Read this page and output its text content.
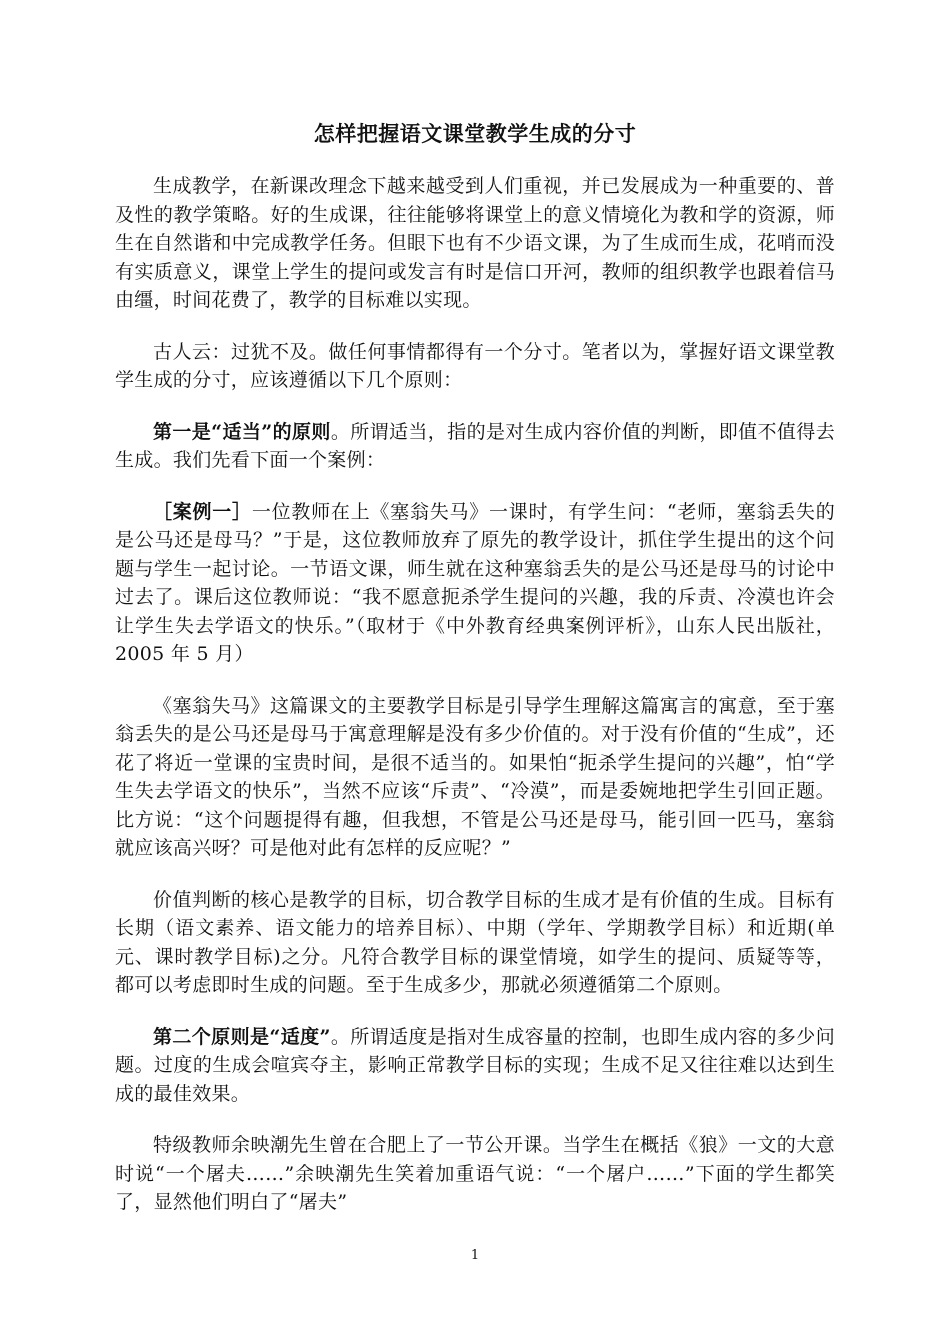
怎样把握语文课堂教学生成的分寸

生成教学，在新课改理念下越来越受到人们重视，并已发展成为一种重要的、普及性的教学策略。好的生成课，往往能够将课堂上的意义情境化为教和学的资源，师生在自然谐和中完成教学任务。但眼下也有不少语文课，为了生成而生成，花哨而没有实质意义，课堂上学生的提问或发言有时是信口开河，教师的组织教学也跟着信马由缰，时间花费了，教学的目标难以实现。

古人云：过犹不及。做任何事情都得有一个分寸。笔者以为，掌握好语文课堂教学生成的分寸，应该遵循以下几个原则：

第一是“适当”的原则。所谓适当，指的是对生成内容价值的判断，即值不值得去生成。我们先看下面一个案例：

［案例一］一位教师在上《塞翁失马》一课时，有学生问：“老师，塞翁丢失的是公马还是母马？”于是，这位教师放弃了原先的教学设计，抓住学生提出的这个问题与学生一起讨论。一节语文课，师生就在这种塞翁丢失的是公马还是母马的讨论中过去了。课后这位教师说：“我不愿意扼杀学生提问的兴趣，我的斥责、冷漠也许会让学生失去学语文的快乐。”（取材于《中外教育经典案例评析》，山东人民出版社，2005 年 5 月）

《塞翁失马》这篇课文的主要教学目标是引导学生理解这篇寓言的寓意，至于塞翁丢失的是公马还是母马于寓意理解是没有多少价值的。对于没有价值的“生成”，还花了将近一堂课的宝贵时间，是很不适当的。如果怕“扼杀学生提问的兴趣”，怕“学生失去学语文的快乐”，当然不应该“斥责”、“冷漠”，而是委婉地把学生引回正题。比方说：“这个问题提得有趣，但我想，不管是公马还是母马，能引回一匹马，塞翁就应该高兴呀？可是他对此有怎样的反应呢？”

价值判断的核心是教学的目标，切合教学目标的生成才是有价值的生成。目标有长期（语文素养、语文能力的培养目标）、中期（学年、学期教学目标）和近期(单元、课时教学目标)之分。凡符合教学目标的课堂情境，如学生的提问、质疑等等，都可以考虑即时生成的问题。至于生成多少，那就必须遵循第二个原则。

第二个原则是“适度”。所谓适度是指对生成容量的控制，也即生成内容的多少问题。过度的生成会喧宾夺主，影响正常教学目标的实现；生成不足又往往难以达到生成的最佳效果。

特级教师余映潮先生曾在合肥上了一节公开课。当学生在概括《狼》一文的大意时说“一个屠夫……”余映潮先生笑着加重语气说：“一个屠户……”下面的学生都笑了，显然他们明白了“屠夫”

1
